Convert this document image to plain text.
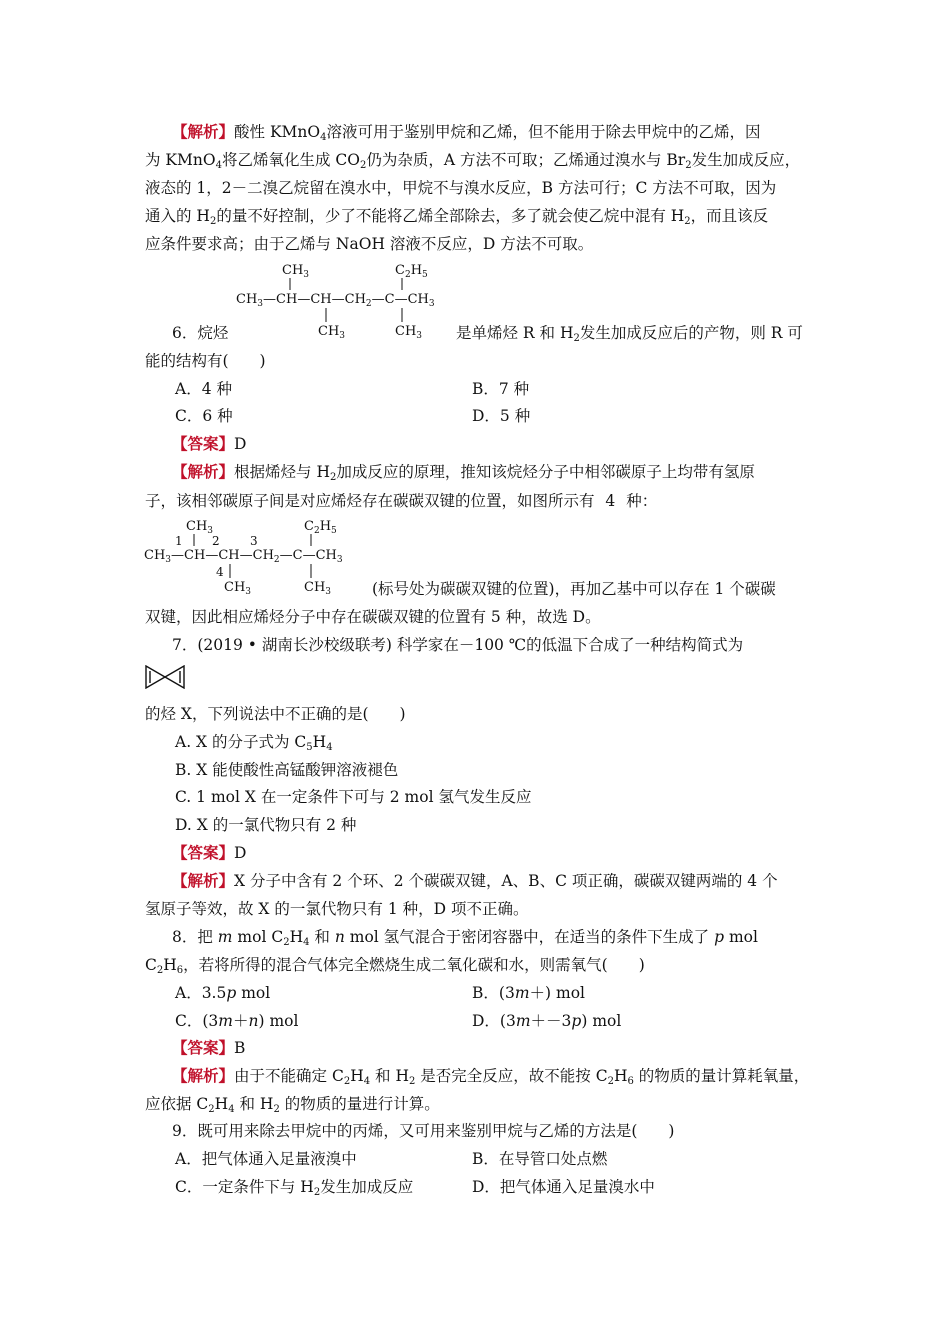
【解析】酸性 KMnO$_4$溶液可用于鉴别甲烷和乙烯，但不能用于除去甲烷中的乙烯，因
为 KMnO$_4$将乙烯氧化生成 $CO_2$仍为杂质，A 方法不可取；乙烯通过溴水与 $Br_2$发生加成反应，
液态的 1，2－二溴乙烷留在溴水中，甲烷不与溴水反应，B 方法可行；C 方法不可取，因为
通入的 $H_2$的量不好控制，少了不能将乙烯全部除去，多了就会使乙烷中混有 $H_2$，而且该反
应条件要求高；由于乙烯与 NaOH 溶液不反应，D 方法不可取。
$CH_3$	$C_2H_5$
$CH_3—CH—CH—CH_2—C—CH_3$
$CH_3$	$CH_3$
6．烷烃	是单烯烃 R 和 $H_2$发生加成反应后的产物，则 R 可
能的结构有(　　)
A．4 种	B．7 种
C．6 种	D．5 种
【答案】D
【解析】根据烯烃与 $H_2$加成反应的原理，推知该烷烃分子中相邻碳原子上均带有氢原
子，该相邻碳原子间是对应烯烃存在碳碳双键的位置，如图所示有 4 种：
$CH_3$	$C_2H_5$
1 2	3
$CH_3—CH—CH—CH_2—C—CH_3$
4
$CH_3$	$CH_3$	(标号处为碳碳双键的位置)，再加乙基中可以存在 1 个碳碳
双键，因此相应烯烃分子中存在碳碳双键的位置有 5 种，故选 D。
7．(2019 • 湖南长沙校级联考) 科学家在－100 ℃的低温下合成了一种结构简式为
的烃 X，下列说法中不正确的是(　　)
A. X 的分子式为 $C_5H_4$
B. X 能使酸性高锰酸钾溶液褪色
C. 1 mol X 在一定条件下可与 2 mol 氢气发生反应
D. X 的一氯代物只有 2 种
【答案】D
【解析】X 分子中含有 2 个环、2 个碳碳双键，A、B、C 项正确，碳碳双键两端的 4 个
氢原子等效，故 X 的一氯代物只有 1 种，D 项不正确。
8．把 m mol $C_2H_4$ 和 n mol 氢气混合于密闭容器中，在适当的条件下生成了 p mol
$C_2H_6$，若将所得的混合气体完全燃烧生成二氧化碳和水，则需氧气(　　)
A．3.5p mol	B．(3m＋) mol
C．(3m＋n) mol	D．(3m＋－3p) mol
【答案】B
【解析】由于不能确定 $C_2H_4$ 和 $H_2$ 是否完全反应，故不能按 $C_2H_6$ 的物质的量计算耗氧量，
应依据 $C_2H_4$ 和 $H_2$ 的物质的量进行计算。
9．既可用来除去甲烷中的丙烯，又可用来鉴别甲烷与乙烯的方法是(　　)
A．把气体通入足量液溴中	B．在导管口处点燃
C．一定条件下与 $H_2$发生加成反应	D．把气体通入足量溴水中
